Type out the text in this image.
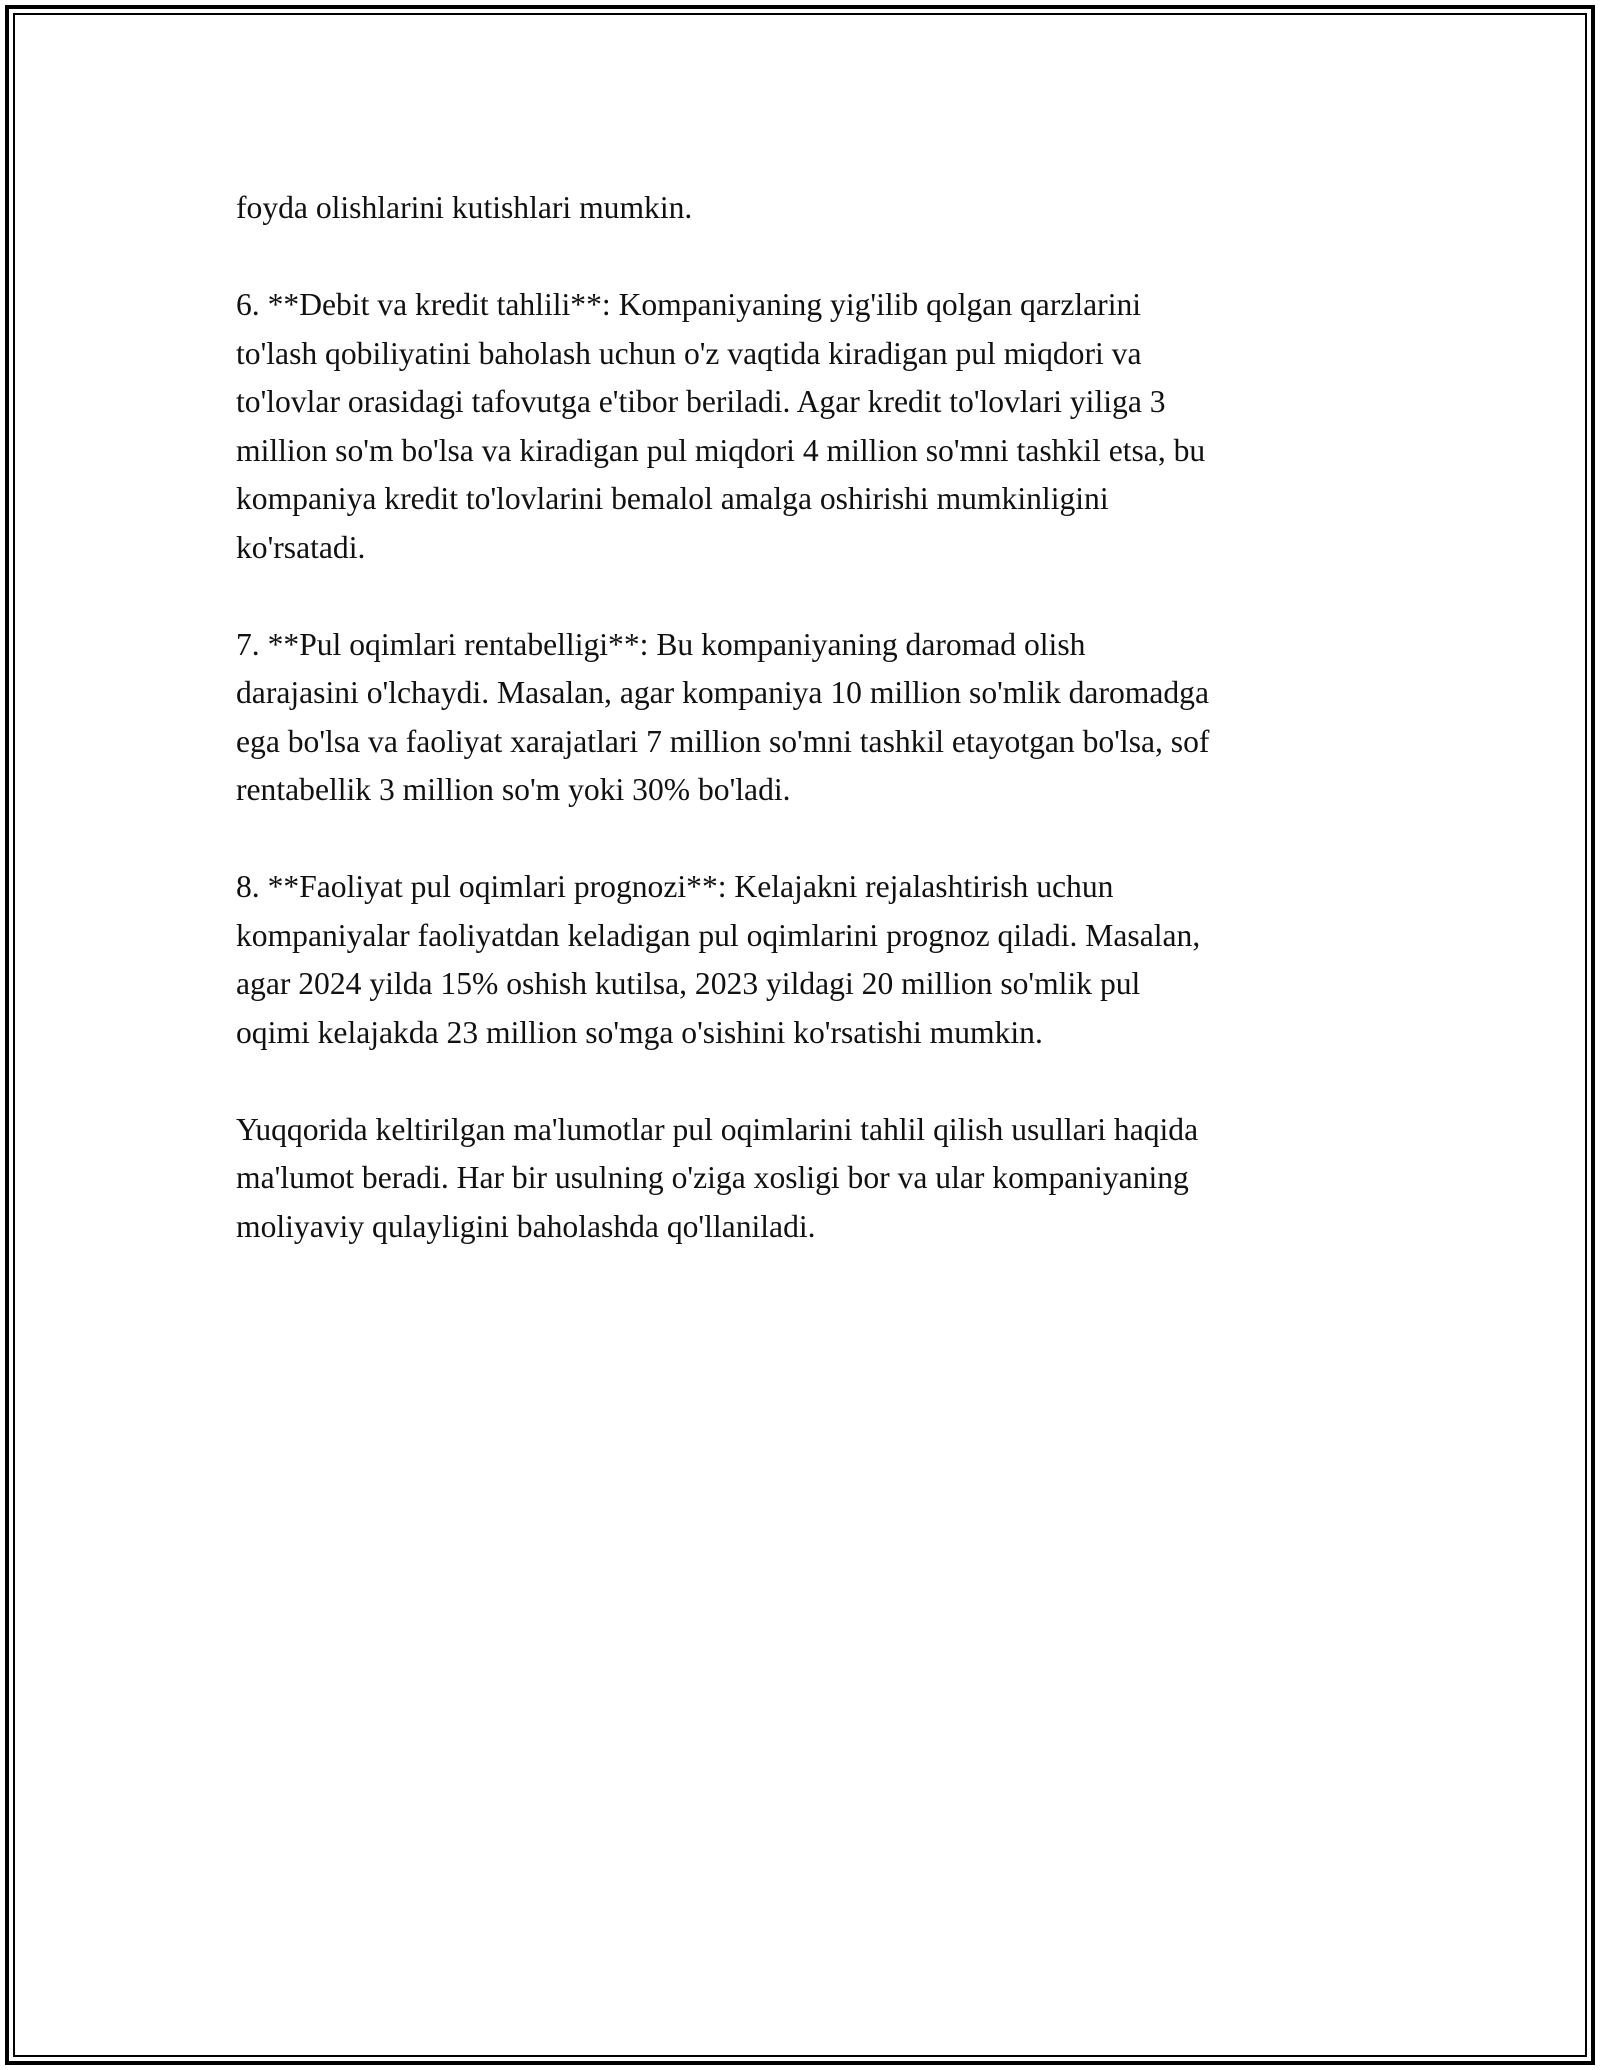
foyda olishlarini kutishlari mumkin.

6. **Debit va kredit tahlili**: Kompaniyaning yig'ilib qolgan qarzlarini
to'lash qobiliyatini baholash uchun o'z vaqtida kiradigan pul miqdori va
to'lovlar orasidagi tafovutga e'tibor beriladi. Agar kredit to'lovlari yiliga 3
million so'm bo'lsa va kiradigan pul miqdori 4 million so'mni tashkil etsa, bu
kompaniya kredit to'lovlarini bemalol amalga oshirishi mumkinligini
ko'rsatadi.

7. **Pul oqimlari rentabelligi**: Bu kompaniyaning daromad olish
darajasini o'lchaydi. Masalan, agar kompaniya 10 million so'mlik daromadga
ega bo'lsa va faoliyat xarajatlari 7 million so'mni tashkil etayotgan bo'lsa, sof
rentabellik 3 million so'm yoki 30% bo'ladi.

8. **Faoliyat pul oqimlari prognozi**: Kelajakni rejalashtirish uchun
kompaniyalar faoliyatdan keladigan pul oqimlarini prognoz qiladi. Masalan,
agar 2024 yilda 15% oshish kutilsa, 2023 yildagi 20 million so'mlik pul
oqimi kelajakda 23 million so'mga o'sishini ko'rsatishi mumkin.

Yuqqorida keltirilgan ma'lumotlar pul oqimlarini tahlil qilish usullari haqida
ma'lumot beradi. Har bir usulning o'ziga xosligi bor va ular kompaniyaning
moliyaviy qulayligini baholashda qo'llaniladi.
